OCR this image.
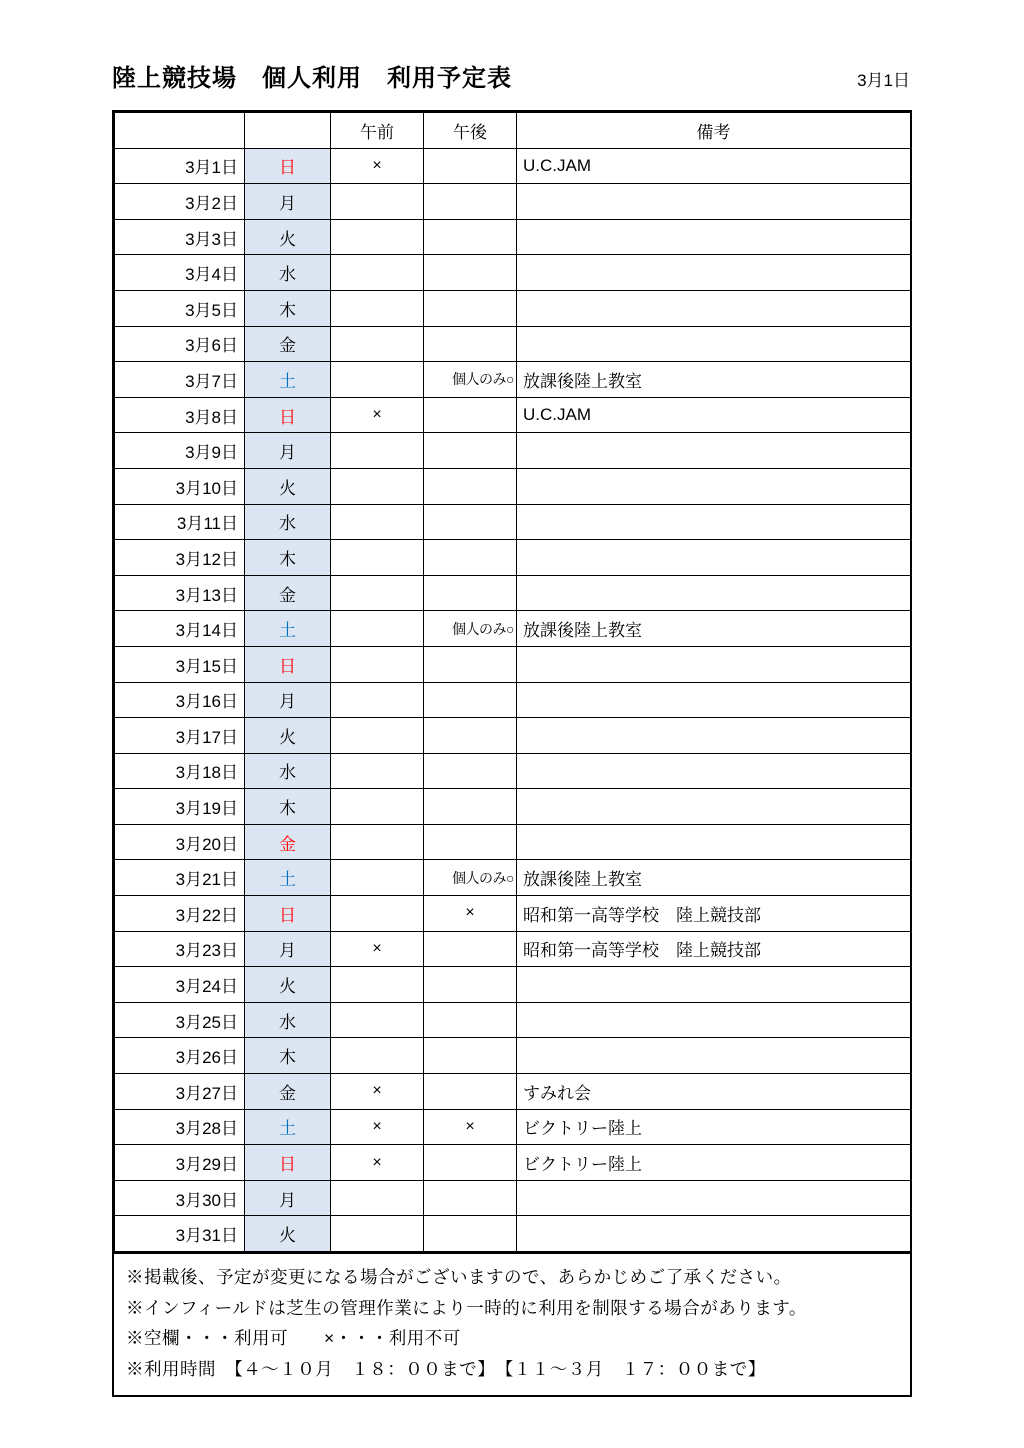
陸上競技場　個人利用　利用予定表	3月1日
		午前	午後	備考
3月1日	日	×		U.C.JAM
3月2日	月			
3月3日	火			
3月4日	水			
3月5日	木			
3月6日	金			
3月7日	土		個人のみ○	放課後陸上教室
3月8日	日	×		U.C.JAM
3月9日	月			
3月10日	火			
3月11日	水			
3月12日	木			
3月13日	金			
3月14日	土		個人のみ○	放課後陸上教室
3月15日	日			
3月16日	月			
3月17日	火			
3月18日	水			
3月19日	木			
3月20日	金			
3月21日	土		個人のみ○	放課後陸上教室
3月22日	日		×	昭和第一高等学校　陸上競技部
3月23日	月	×		昭和第一高等学校　陸上競技部
3月24日	火			
3月25日	水			
3月26日	木			
3月27日	金	×		すみれ会
3月28日	土	×	×	ビクトリー陸上
3月29日	日	×		ビクトリー陸上
3月30日	月			
3月31日	火			
※掲載後、予定が変更になる場合がございますので、あらかじめご了承ください。
※インフィールドは芝生の管理作業により一時的に利用を制限する場合があります。
※空欄・・・利用可　　×・・・利用不可
※利用時間　【４～１０月　１８：００まで】　【１１～３月　１７：００まで】
